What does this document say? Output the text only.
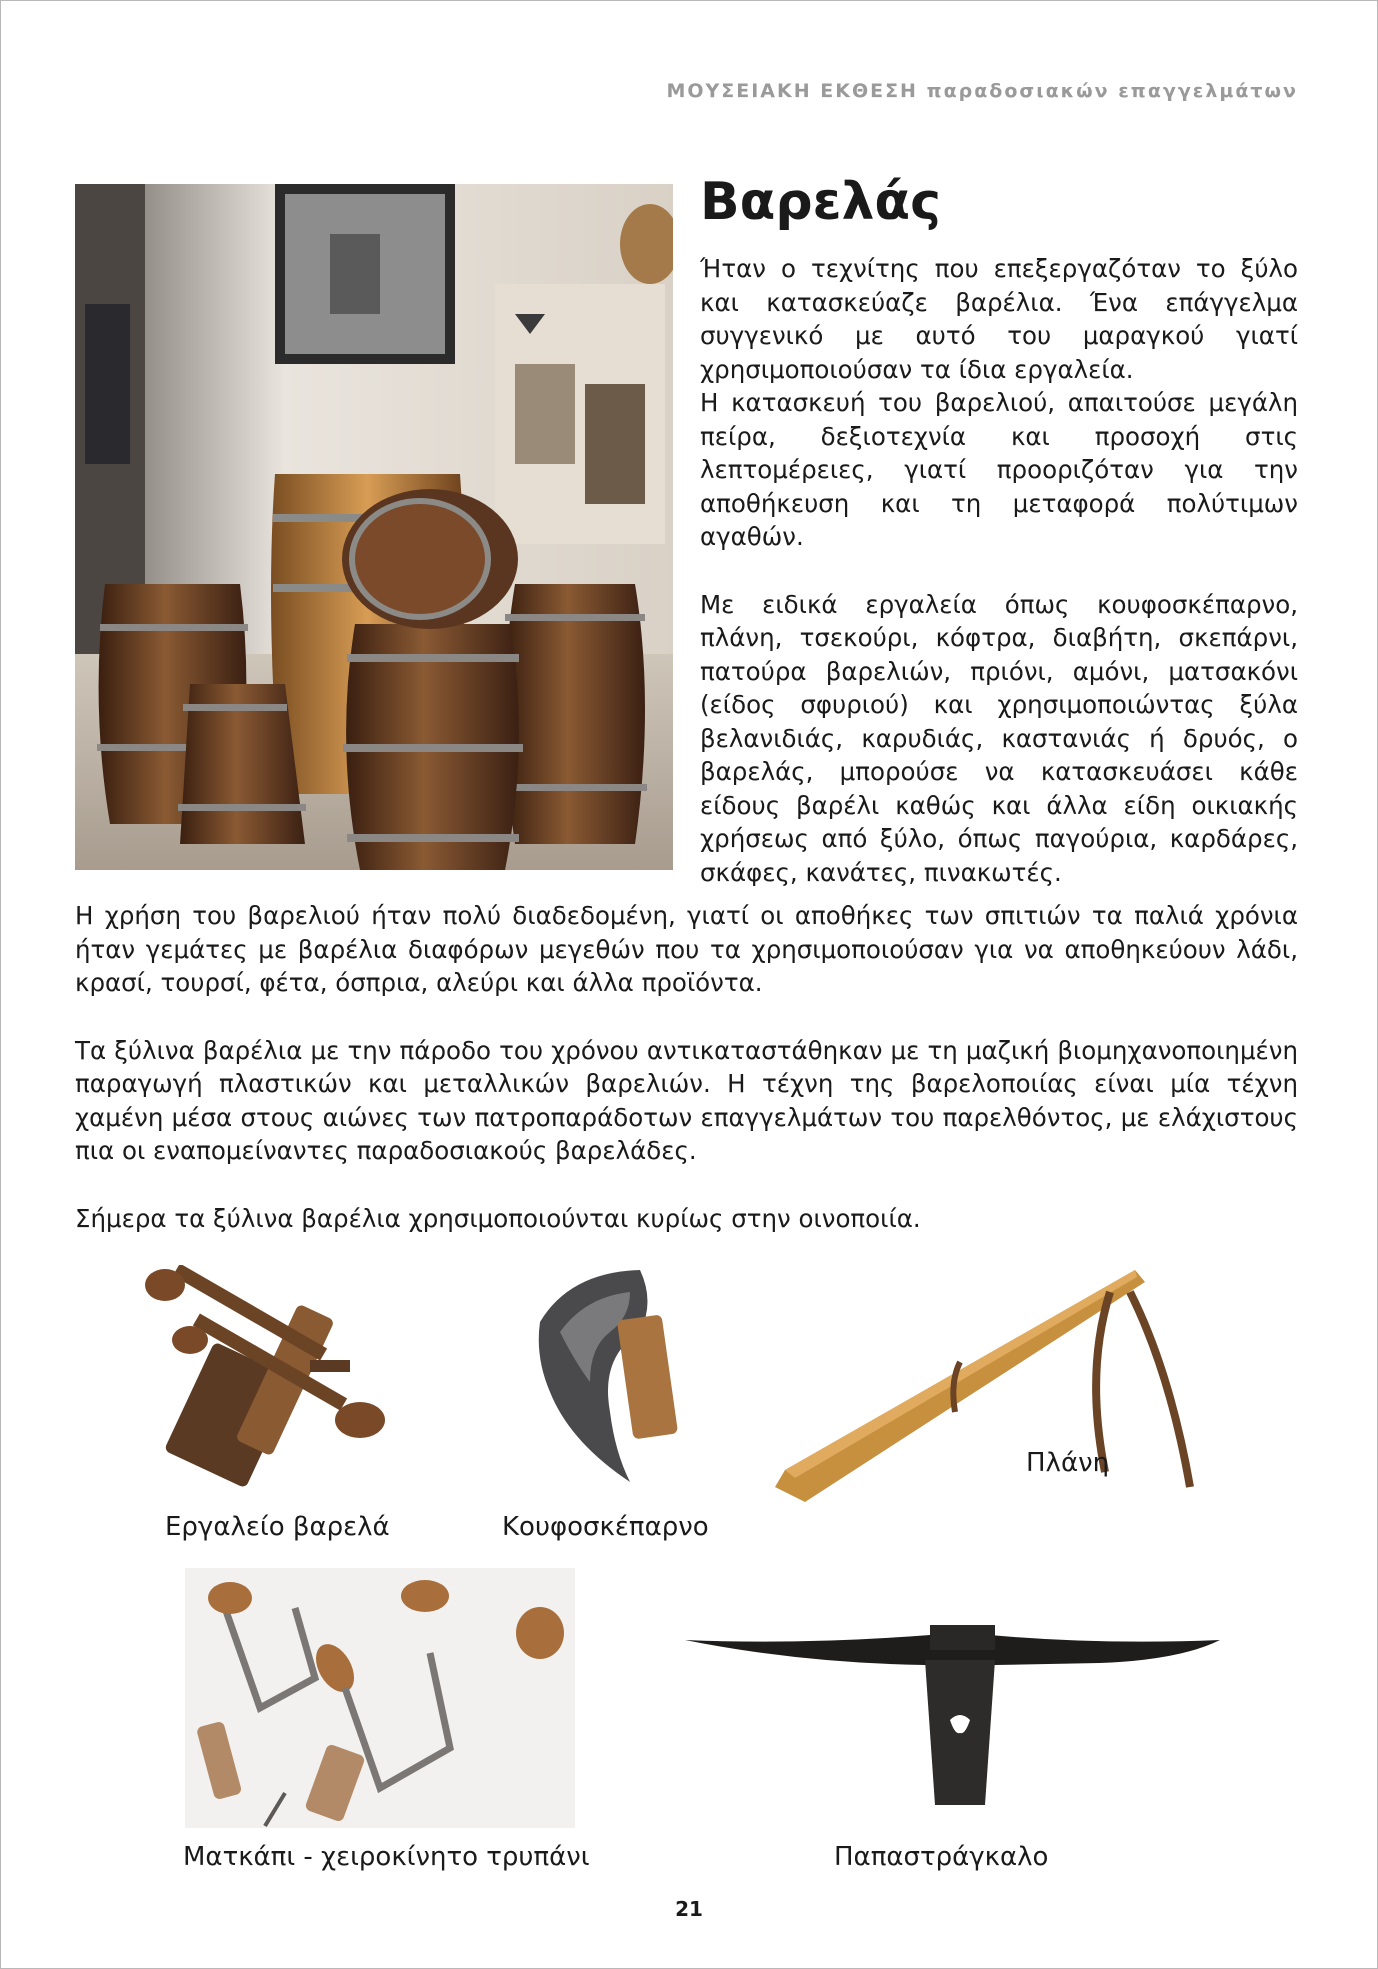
ΜΟΥΣΕΙΑΚΗ ΕΚΘΕΣΗ παραδοσιακών επαγγελμάτων
Βαρελάς

Ήταν ο τεχνίτης που επεξεργαζόταν το ξύλο και κατασκεύαζε βαρέλια. Ένα επάγγελμα συγγενικό με αυτό του μαραγκού γιατί χρησιμοποιούσαν τα ίδια εργαλεία.

Η κατασκευή του βαρελιού, απαιτούσε μεγάλη πείρα, δεξιοτεχνία και προσοχή στις λεπτομέρειες, γιατί προοριζόταν για την αποθήκευση και τη μεταφορά πολύτιμων αγαθών.

Με ειδικά εργαλεία όπως κουφοσκέπαρνο, πλάνη, τσεκούρι, κόφτρα, διαβήτη, σκεπάρνι, πατούρα βαρελιών, πριόνι, αμόνι, ματσακόνι (είδος σφυριού) και χρησιμοποιώντας ξύλα βελανιδιάς, καρυδιάς, καστανιάς ή δρυός, ο βαρελάς, μπορούσε να κατασκευάσει κάθε είδους βαρέλι καθώς και άλλα είδη οικιακής χρήσεως από ξύλο, όπως παγούρια, καρδάρες, σκάφες, κανάτες, πινακωτές.

Η χρήση του βαρελιού ήταν πολύ διαδεδομένη, γιατί οι αποθήκες των σπιτιών τα παλιά χρόνια ήταν γεμάτες με βαρέλια διαφόρων μεγεθών που τα χρησιμοποιούσαν για να αποθηκεύουν λάδι, κρασί, τουρσί, φέτα, όσπρια, αλεύρι και άλλα προϊόντα.

Τα ξύλινα βαρέλια με την πάροδο του χρόνου αντικαταστάθηκαν με τη μαζική βιομηχανοποιημένη παραγωγή πλαστικών και μεταλλικών βαρελιών. Η τέχνη της βαρελοποιίας είναι μία τέχνη χαμένη μέσα στους αιώνες των πατροπαράδοτων επαγγελμάτων του παρελθόντος, με ελάχιστους πια οι εναπομείναντες παραδοσιακούς βαρελάδες.

Σήμερα τα ξύλινα βαρέλια χρησιμοποιούνται κυρίως στην οινοποιία.

Εργαλείο βαρελά	Κουφοσκέπαρνο
Πλάνη
Ματκάπι - χειροκίνητο τρυπάνι	Παπαστράγκαλο
21
